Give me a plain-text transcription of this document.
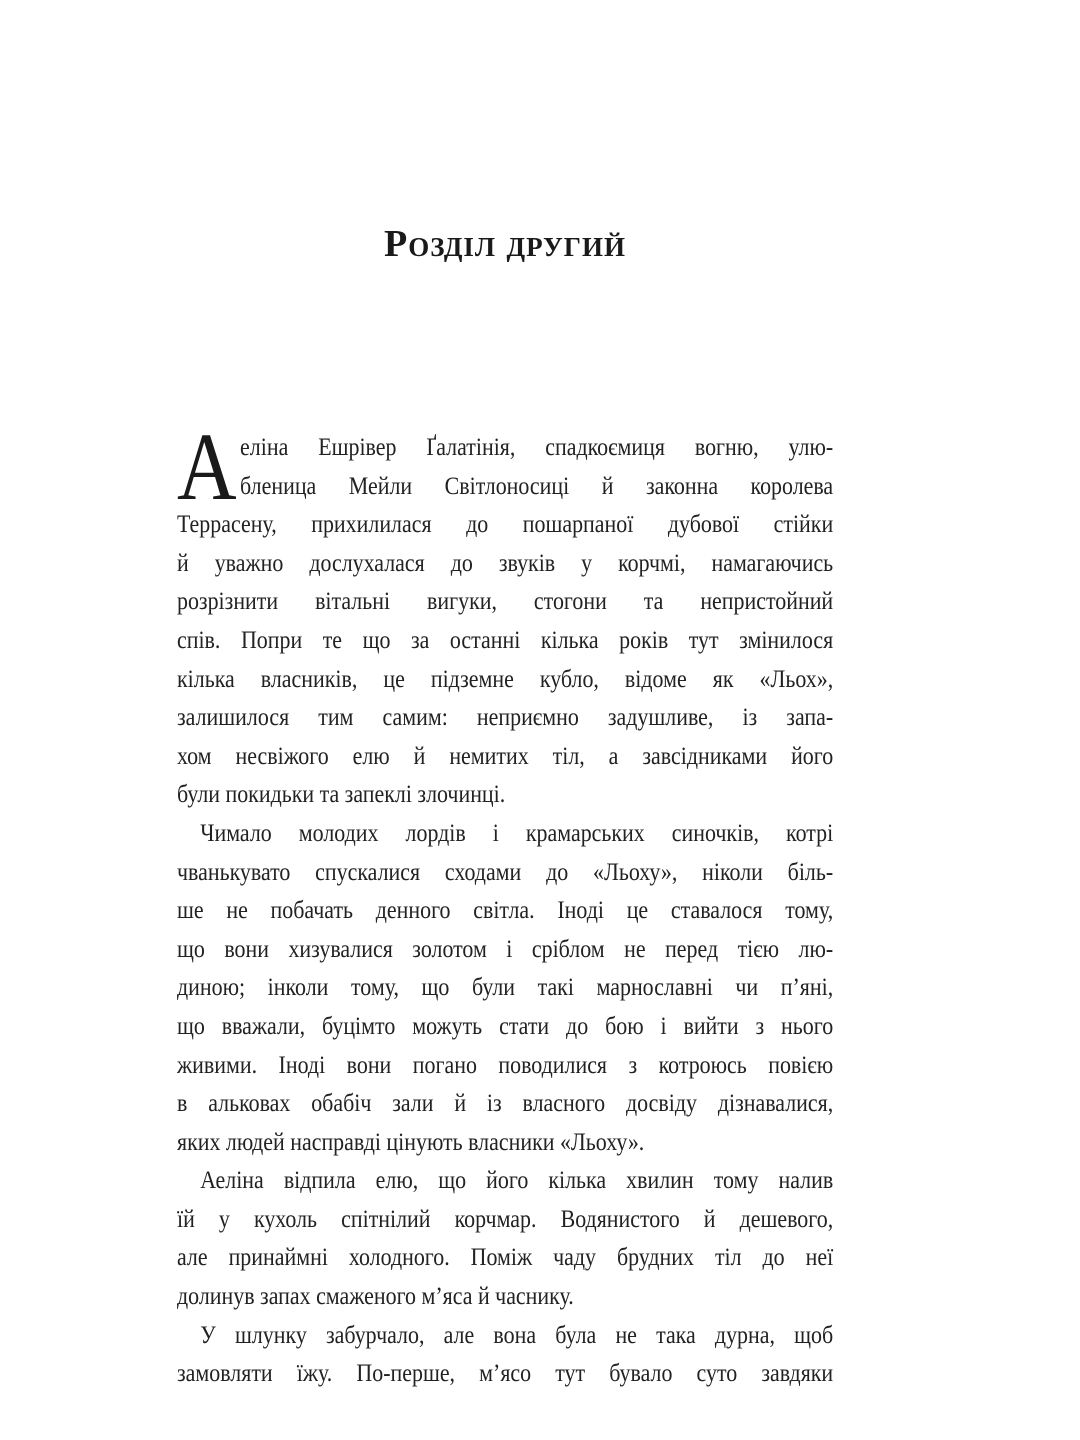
Розділ другий
А еліна Ешрівер Ґалатінія, спадкоємиця вогню, улю-
бленица Мейли Світлоносиці й законна королева
Террасену, прихилилася до пошарпаної дубової стійки
й уважно дослухалася до звуків у корчмі, намагаючись
розрізнити вітальні вигуки, стогони та непристойний
спів. Попри те що за останні кілька років тут змінилося
кілька власників, це підземне кубло, відоме як «Льох»,
залишилося тим самим: неприємно задушливе, із запа-
хом несвіжого елю й немитих тіл, а завсідниками його
були покидьки та запеклі злочинці.
Чимало молодих лордів і крамарських синочків, котрі
чванькувато спускалися сходами до «Льоху», ніколи біль-
ше не побачать денного світла. Іноді це ставалося тому,
що вони хизувалися золотом і сріблом не перед тією лю-
диною; інколи тому, що були такі марнославні чи п’яні,
що вважали, буцімто можуть стати до бою і вийти з нього
живими. Іноді вони погано поводилися з котроюсь повією
в альковах обабіч зали й із власного досвіду дізнавалися,
яких людей насправді цінують власники «Льоху».
Аеліна відпила елю, що його кілька хвилин тому налив
їй у кухоль спітнілий корчмар. Водянистого й дешевого,
але принаймні холодного. Поміж чаду брудних тіл до неї
долинув запах смаженого м’яса й часнику.
У шлунку забурчало, але вона була не така дурна, щоб
замовляти їжу. По-перше, м’ясо тут бувало суто завдяки
